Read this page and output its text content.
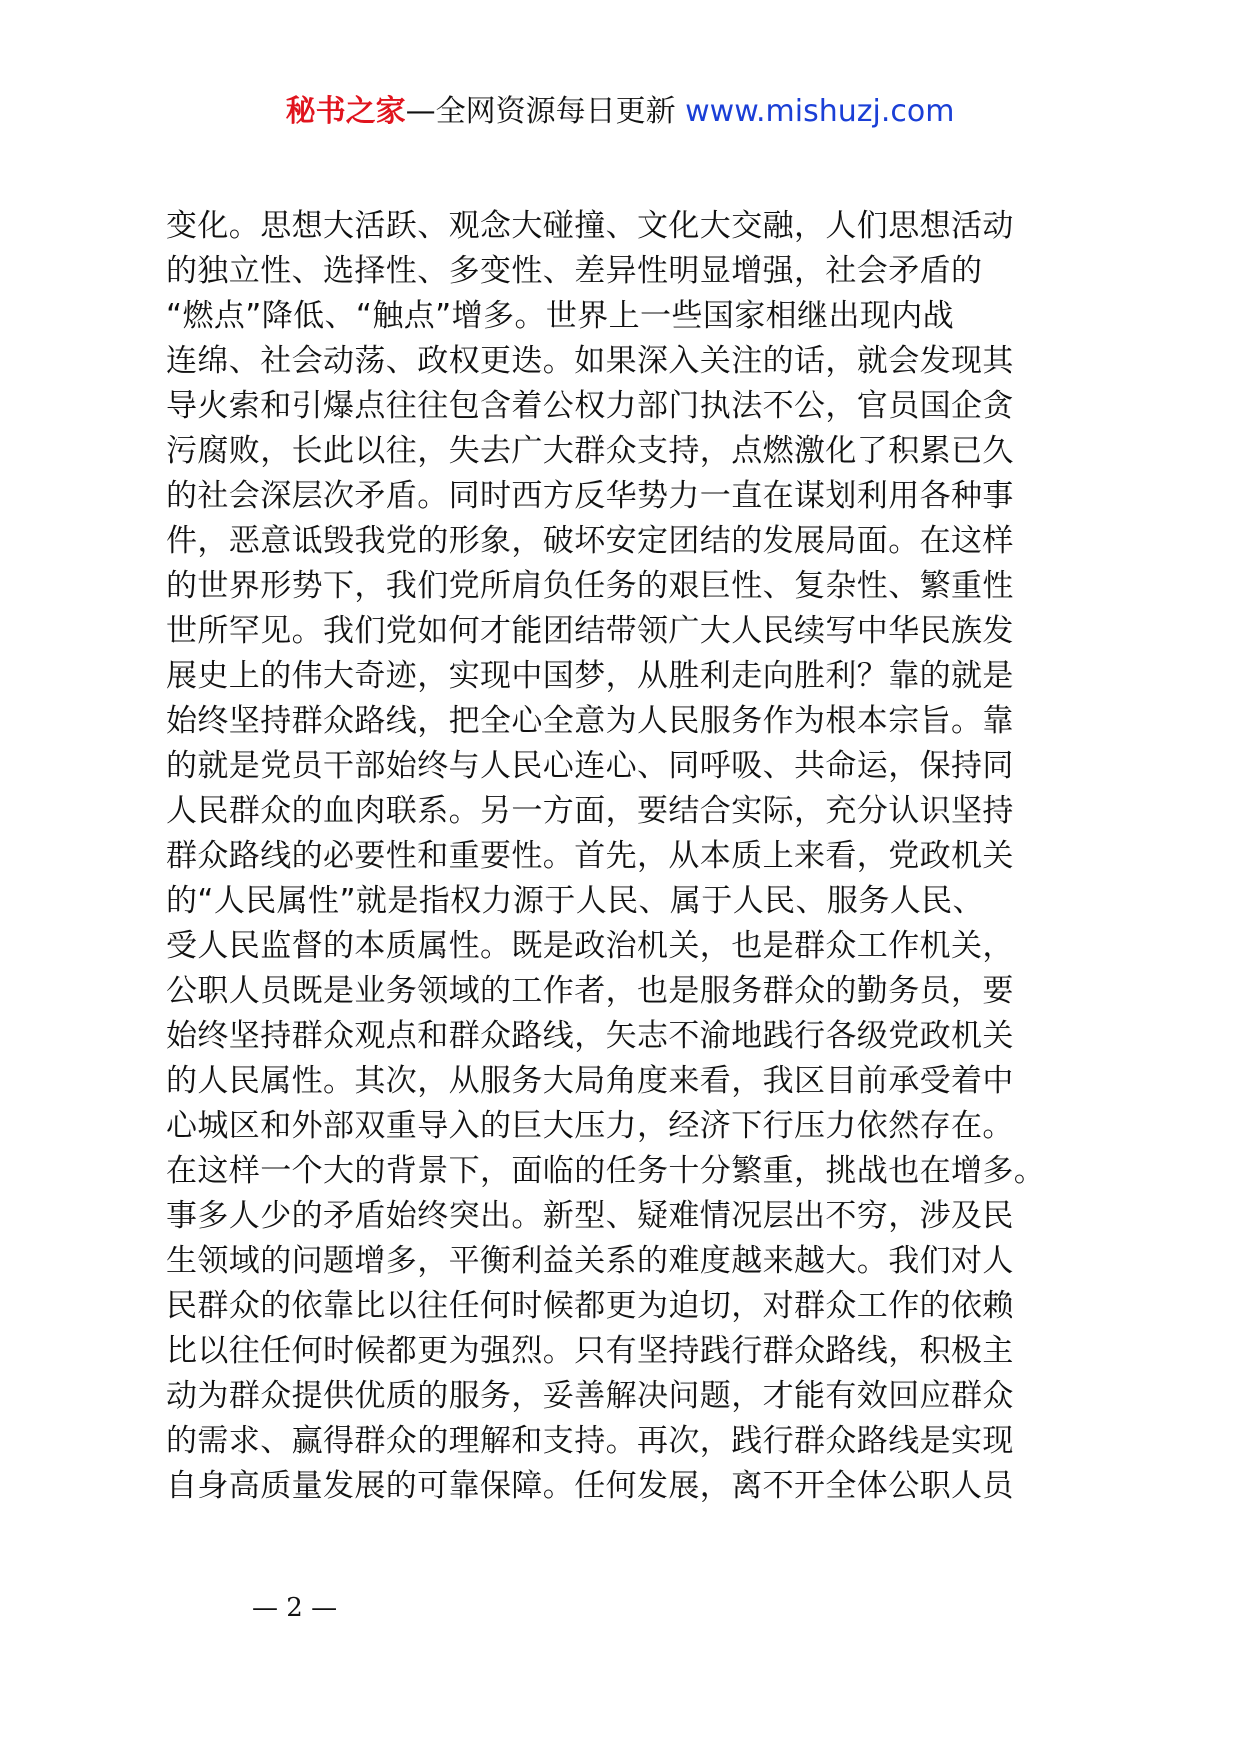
秘书之家—全网资源每日更新 www.mishuzj.com
变化。思想大活跃、观念大碰撞、文化大交融，人们思想活动
的独立性、选择性、多变性、差异性明显增强，社会矛盾的
“燃点”降低、“触点”增多。世界上一些国家相继出现内战
连绵、社会动荡、政权更迭。如果深入关注的话，就会发现其
导火索和引爆点往往包含着公权力部门执法不公，官员国企贪
污腐败，长此以往，失去广大群众支持，点燃激化了积累已久
的社会深层次矛盾。同时西方反华势力一直在谋划利用各种事
件，恶意诋毁我党的形象，破坏安定团结的发展局面。在这样
的世界形势下，我们党所肩负任务的艰巨性、复杂性、繁重性
世所罕见。我们党如何才能团结带领广大人民续写中华民族发
展史上的伟大奇迹，实现中国梦，从胜利走向胜利？靠的就是
始终坚持群众路线，把全心全意为人民服务作为根本宗旨。靠
的就是党员干部始终与人民心连心、同呼吸、共命运，保持同
人民群众的血肉联系。另一方面，要结合实际，充分认识坚持
群众路线的必要性和重要性。首先，从本质上来看，党政机关
的“人民属性”就是指权力源于人民、属于人民、服务人民、
受人民监督的本质属性。既是政治机关，也是群众工作机关，
公职人员既是业务领域的工作者，也是服务群众的勤务员，要
始终坚持群众观点和群众路线，矢志不渝地践行各级党政机关
的人民属性。其次，从服务大局角度来看，我区目前承受着中
心城区和外部双重导入的巨大压力，经济下行压力依然存在。
在这样一个大的背景下，面临的任务十分繁重，挑战也在增多。
事多人少的矛盾始终突出。新型、疑难情况层出不穷，涉及民
生领域的问题增多，平衡利益关系的难度越来越大。我们对人
民群众的依靠比以往任何时候都更为迫切，对群众工作的依赖
比以往任何时候都更为强烈。只有坚持践行群众路线，积极主
动为群众提供优质的服务，妥善解决问题，才能有效回应群众
的需求、赢得群众的理解和支持。再次，践行群众路线是实现
自身高质量发展的可靠保障。任何发展，离不开全体公职人员
— 2 —
